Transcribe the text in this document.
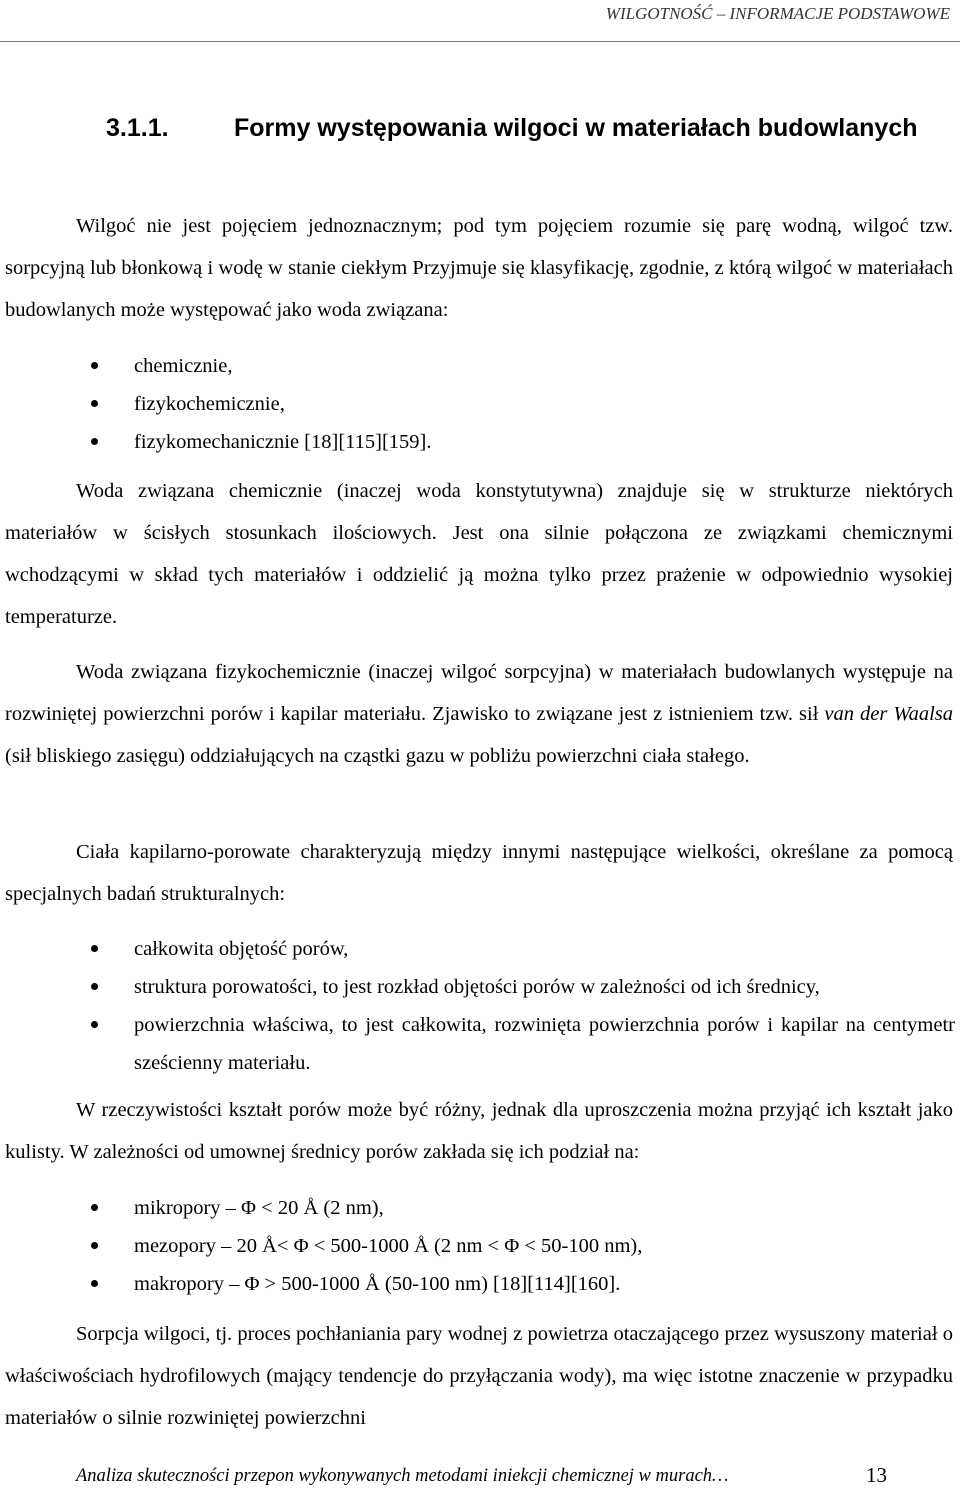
WILGOTNOŚĆ – INFORMACJE PODSTAWOWE
3.1.1.	Formy występowania wilgoci w materiałach budowlanych

Wilgoć nie jest pojęciem jednoznacznym; pod tym pojęciem rozumie się parę wodną, wilgoć tzw. sorpcyjną lub błonkową i wodę w stanie ciekłym Przyjmuje się klasyfikację, zgodnie, z którą wilgoć w materiałach budowlanych może występować jako woda związana:

chemicznie,
fizykochemicznie,
fizykomechanicznie [18][115][159].

Woda związana chemicznie (inaczej woda konstytutywna) znajduje się w strukturze niektórych materiałów w ścisłych stosunkach ilościowych. Jest ona silnie połączona ze związkami chemicznymi wchodzącymi w skład tych materiałów i oddzielić ją można tylko przez prażenie w odpowiednio wysokiej temperaturze.

Woda związana fizykochemicznie (inaczej wilgoć sorpcyjna) w materiałach budowlanych występuje na rozwiniętej powierzchni porów i kapilar materiału. Zjawisko to związane jest z istnieniem tzw. sił van der Waalsa (sił bliskiego zasięgu) oddziałujących na cząstki gazu w pobliżu powierzchni ciała stałego.

Ciała kapilarno-porowate charakteryzują między innymi następujące wielkości, określane za pomocą specjalnych badań strukturalnych:

całkowita objętość porów,
struktura porowatości, to jest rozkład objętości porów w zależności od ich średnicy,
powierzchnia właściwa, to jest całkowita, rozwinięta powierzchnia porów i kapilar na centymetr sześcienny materiału.

W rzeczywistości kształt porów może być różny, jednak dla uproszczenia można przyjąć ich kształt jako kulisty. W zależności od umownej średnicy porów zakłada się ich podział na:

mikropory – Φ < 20 Å (2 nm),
mezopory – 20 Å< Φ < 500-1000 Å (2 nm < Φ < 50-100 nm),
makropory – Φ > 500-1000 Å (50-100 nm) [18][114][160].

Sorpcja wilgoci, tj. proces pochłaniania pary wodnej z powietrza otaczającego przez wysuszony materiał o właściwościach hydrofilowych (mający tendencje do przyłączania wody), ma więc istotne znaczenie w przypadku materiałów o silnie rozwiniętej powierzchni

Analiza skuteczności przepon wykonywanych metodami iniekcji chemicznej w murach…	13
